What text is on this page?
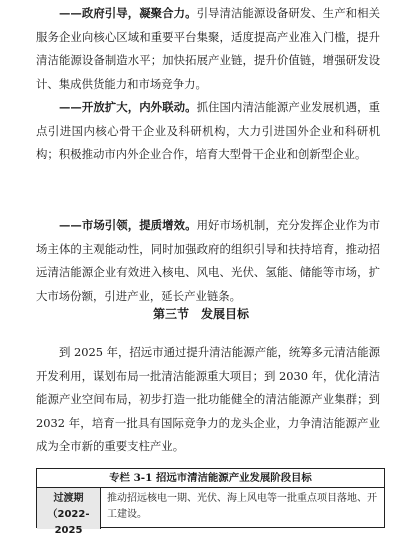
——政府引导，凝聚合力。引导清洁能源设备研发、生产和相关服务企业向核心区域和重要平台集聚，适度提高产业准入门槛，提升清洁能源设备制造水平；加快拓展产业链，提升价值链，增强研发设计、集成供货能力和市场竞争力。

——开放扩大，内外联动。抓住国内清洁能源产业发展机遇，重点引进国内核心骨干企业及科研机构，大力引进国外企业和科研机构；积极推动市内外企业合作，培育大型骨干企业和创新型企业。

——市场引领，提质增效。用好市场机制，充分发挥企业作为市场主体的主观能动性，同时加强政府的组织引导和扶持培育，推动招远清洁能源企业有效进入核电、风电、光伏、氢能、储能等市场，扩大市场份额，引进产业，延长产业链条。

第三节 发展目标

到 2025 年，招远市通过提升清洁能源产能，统筹多元清洁能源开发利用，谋划布局一批清洁能源重大项目；到 2030 年，优化清洁能源产业空间布局，初步打造一批功能健全的清洁能源产业集群；到 2032 年，培育一批具有国际竞争力的龙头企业，力争清洁能源产业成为全市新的重要支柱产业。

专栏 3-1 招远市清洁能源产业发展阶段目标
过渡期
（2022-2025
推动招远核电一期、光伏、海上风电等一批重点项目落地、开工建设。
